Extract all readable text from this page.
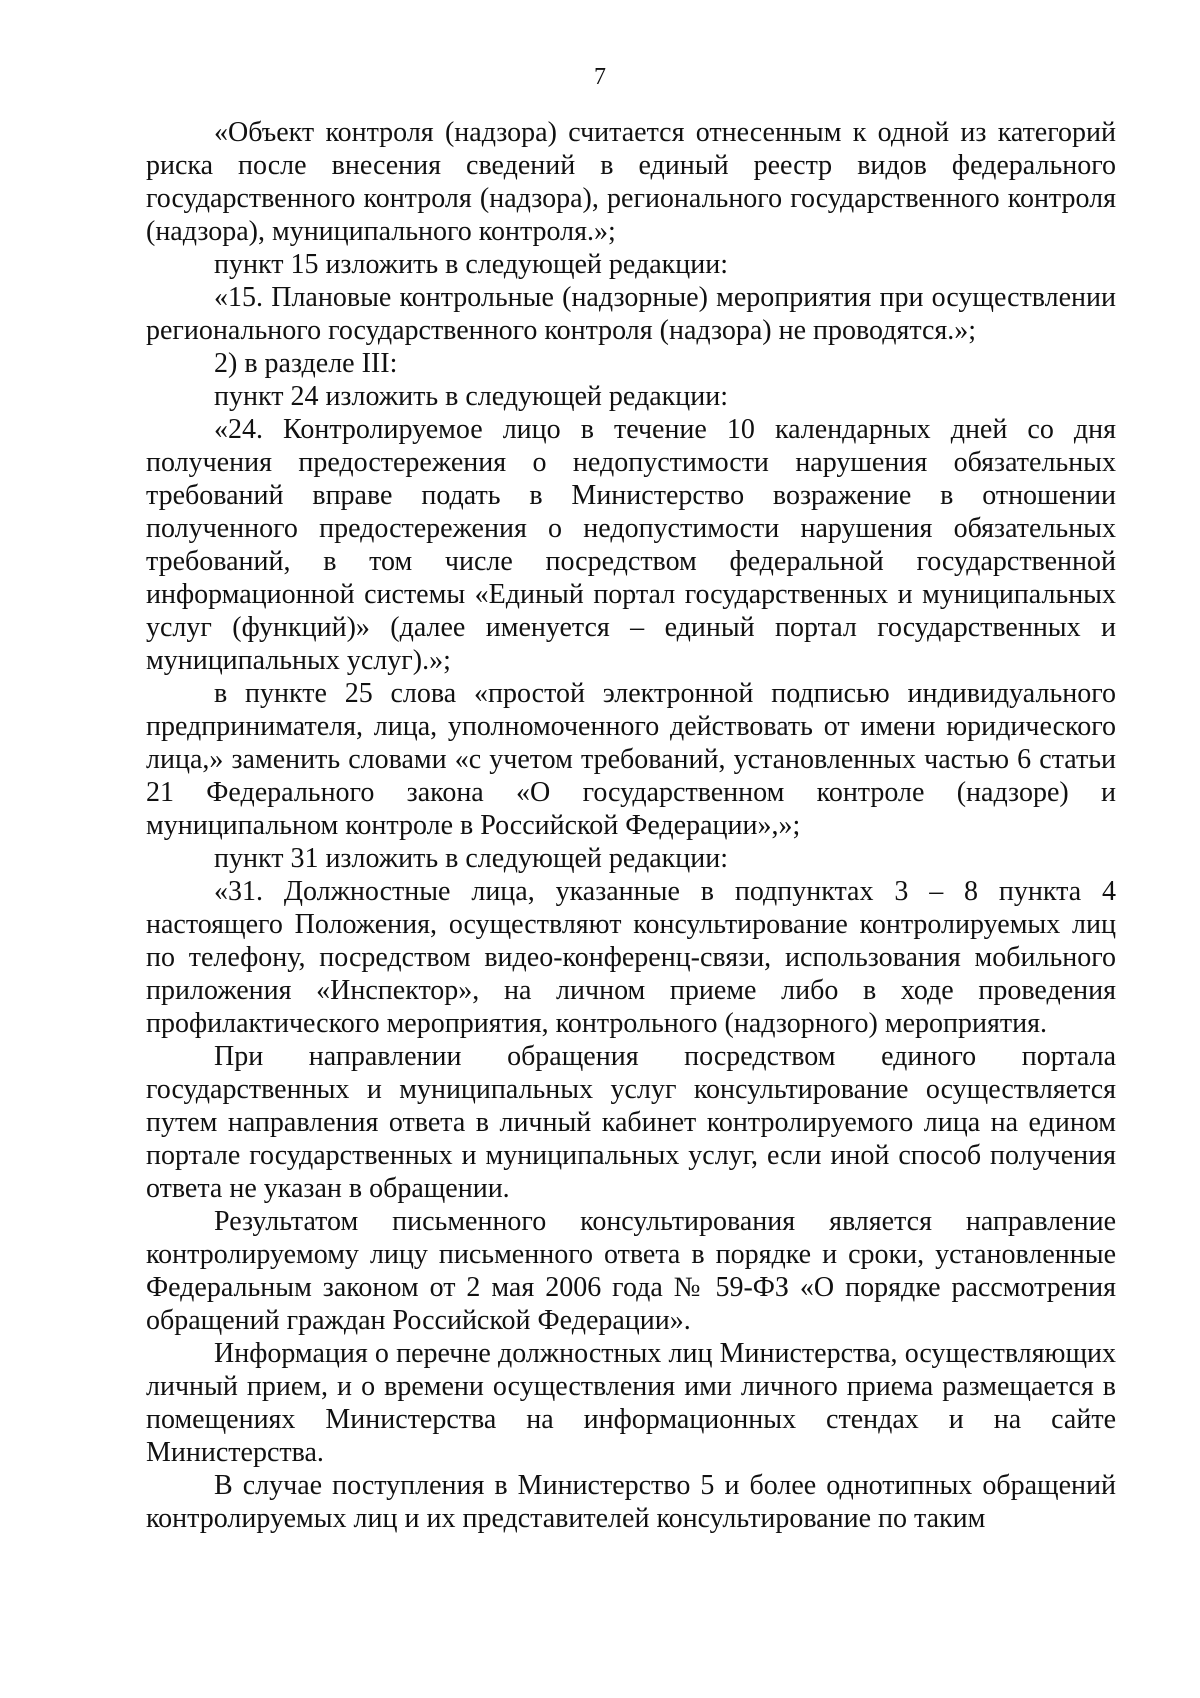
7

«Объект контроля (надзора) считается отнесенным к одной из категорий риска после внесения сведений в единый реестр видов федерального государственного контроля (надзора), регионального государственного контроля (надзора), муниципального контроля.»;

пункт 15 изложить в следующей редакции:

«15. Плановые контрольные (надзорные) мероприятия при осуществлении регионального государственного контроля (надзора) не проводятся.»;

2) в разделе III:

пункт 24 изложить в следующей редакции:

«24. Контролируемое лицо в течение 10 календарных дней со дня получения предостережения о недопустимости нарушения обязательных требований вправе подать в Министерство возражение в отношении полученного предостережения о недопустимости нарушения обязательных требований, в том числе посредством федеральной государственной информационной системы «Единый портал государственных и муниципальных услуг (функций)» (далее именуется – единый портал государственных и муниципальных услуг).»;

в пункте 25 слова «простой электронной подписью индивидуального предпринимателя, лица, уполномоченного действовать от имени юридического лица,» заменить словами «с учетом требований, установленных частью 6 статьи 21 Федерального закона «О государственном контроле (надзоре) и муниципальном контроле в Российской Федерации»,»;

пункт 31 изложить в следующей редакции:

«31. Должностные лица, указанные в подпунктах 3 – 8 пункта 4 настоящего Положения, осуществляют консультирование контролируемых лиц по телефону, посредством видео-конференц-связи, использования мобильного приложения «Инспектор», на личном приеме либо в ходе проведения профилактического мероприятия, контрольного (надзорного) мероприятия.

При направлении обращения посредством единого портала государственных и муниципальных услуг консультирование осуществляется путем направления ответа в личный кабинет контролируемого лица на едином портале государственных и муниципальных услуг, если иной способ получения ответа не указан в обращении.

Результатом письменного консультирования является направление контролируемому лицу письменного ответа в порядке и сроки, установленные Федеральным законом от 2 мая 2006 года № 59-ФЗ «О порядке рассмотрения обращений граждан Российской Федерации».

Информация о перечне должностных лиц Министерства, осуществляющих личный прием, и о времени осуществления ими личного приема размещается в помещениях Министерства на информационных стендах и на сайте Министерства.

В случае поступления в Министерство 5 и более однотипных обращений контролируемых лиц и их представителей консультирование по таким
